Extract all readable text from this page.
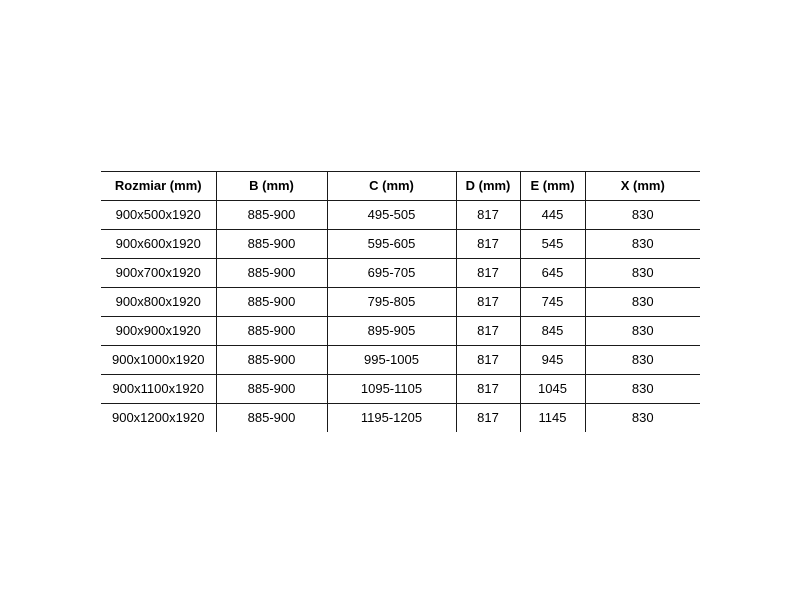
Rozmiar (mm)	B (mm)	C (mm)	D (mm)	E (mm)	X (mm)
900x500x1920	885-900	495-505	817	445	830
900x600x1920	885-900	595-605	817	545	830
900x700x1920	885-900	695-705	817	645	830
900x800x1920	885-900	795-805	817	745	830
900x900x1920	885-900	895-905	817	845	830
900x1000x1920	885-900	995-1005	817	945	830
900x1100x1920	885-900	1095-1105	817	1045	830
900x1200x1920	885-900	1195-1205	817	1145	830
